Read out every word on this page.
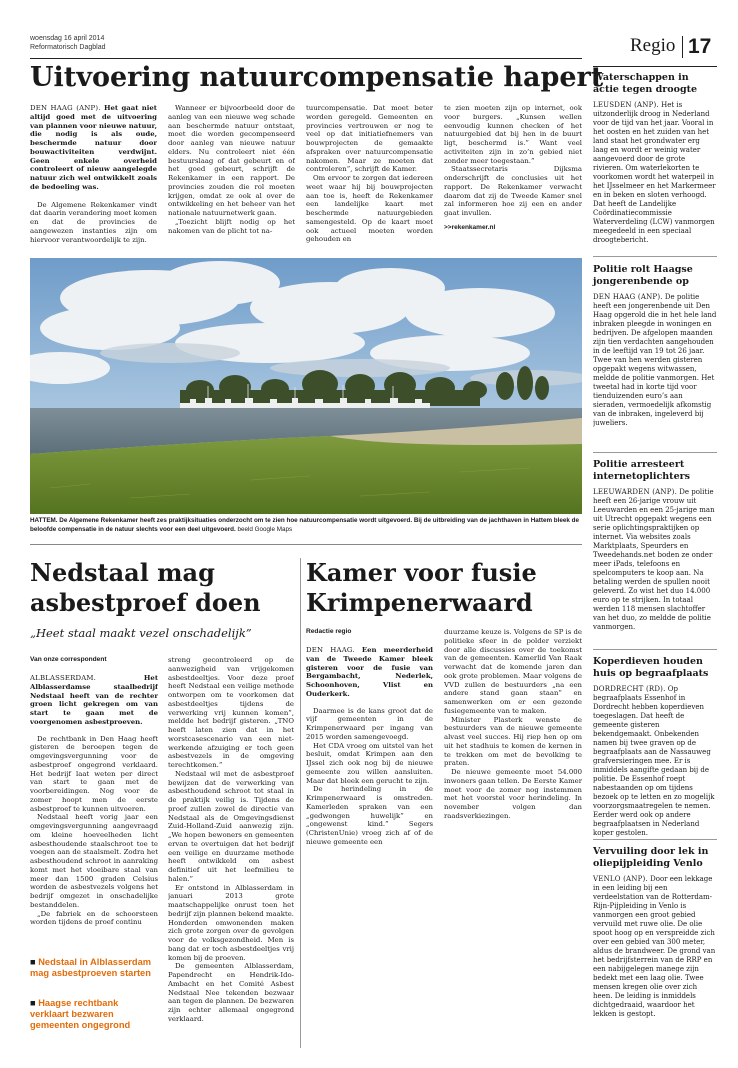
woensdag 16 april 2014
Reformatorisch Dagblad	Regio 17
Uitvoering natuurcompensatie hapert

DEN HAAG (ANP). Het gaat niet altijd goed met de uitvoering van plannen voor nieuwe natuur, die nodig is als oude, beschermde natuur door bouwactiviteiten verdwijnt. Geen enkele overheid controleert of nieuw aangelegde natuur zich wel ontwikkelt zoals de bedoeling was.

De Algemene Rekenkamer vindt dat daarin verandering moet komen en dat de provincies de aangewezen instanties zijn om hiervoor verantwoordelijk te zijn.

Wanneer er bijvoorbeeld door de aanleg van een nieuwe weg schade aan beschermde natuur ontstaat, moet die worden gecompenseerd door aanleg van nieuwe natuur elders. Nu controleert niet één bestuurslaag of dat gebeurt en of het goed gebeurt, schrijft de Rekenkamer in een rapport. De provincies zouden die rol moeten krijgen, omdat ze ook al over de ontwikkeling en het beheer van het nationale natuurnetwerk gaan.

„Toezicht blijft nodig op het nakomen van de plicht tot na-

tuurcompensatie. Dat moet beter worden geregeld. Gemeenten en provincies vertrouwen er nog te veel op dat initiatiefnemers van bouwprojecten de gemaakte afspraken over natuurcompensatie nakomen. Maar ze moeten dat controleren”, schrijft de Kamer.

Om ervoor te zorgen dat iedereen weet waar hij bij bouwprojecten aan toe is, heeft de Rekenkamer een landelijke kaart met beschermde natuurgebieden samengesteld. Op de kaart moet ook actueel moeten worden gehouden en

te zien moeten zijn op internet, ook voor burgers. „Kunsen wellen eenvoudig kunnen checken of het natuurgebied dat bij hen in de buurt ligt, beschermd is.” Want veel activiteiten zijn in zo’n gebied niet zonder meer toegestaan.”

Staatssecretaris Dijksma onderschrijft de conclusies uit het rapport. De Rekenkamer verwacht daarom dat zij de Tweede Kamer snel zal informeren hoe zij een en ander gaat invullen.

>>rekenkamer.nl
HATTEM. De Algemene Rekenkamer heeft zes praktijksituaties onderzocht om te zien hoe natuurcompensatie wordt uitgevoerd. Bij de uitbreiding van de jachthaven in Hattem bleek de beloofde compensatie in de natuur slechts voor een deel uitgevoerd. beeld Google Maps
Nedstaal mag
asbestproef doen
„Heet staal maakt vezel onschadelijk”
Van onze correspondent

ALBLASSERDAM.	Het Alblasserdamse staalbedrijf Nedstaal heeft van de rechter groen licht gekregen om van start te gaan met de voorgenomen asbestproeven.

De rechtbank in Den Haag heeft gisteren de beroepen tegen de omgevingsvergunning voor de asbestproef ongegrond verklaard. Het bedrijf laat weten per direct van start te gaan met de voorbereidingen. Nog voor de zomer hoopt men de eerste asbestproef te kunnen uitvoeren.

Nedstaal heeft vorig jaar een omgevingsvergunning aangevraagd om kleine hoeveelheden licht asbesthoudende staalschroot toe te voegen aan de staalsmelt. Zodra het asbesthoudend schroot in aanraking komt met het vloeibare staal van meer dan 1500 graden Celsius worden de asbestvezels volgens het bedrijf omgezet in onschadelijke bestanddelen.

„De fabriek en de schoorsteen worden tijdens de proef continu

streng gecontroleerd op de aanwezigheid van vrijgekomen asbestdeeltjes. Voor deze proef heeft Nedstaal een veilige methode ontworpen om te voorkomen dat asbestdeeltjes tijdens de verwerking vrij kunnen komen”, meldde het bedrijf gisteren. „TNO heeft laten zien dat in het worstcasescenario van een niet-werkende afzuiging er toch geen asbestvezels in de omgeving terechtkomen.”

Nedstaal wil met de asbestproef bewijzen dat de verwerking van asbesthoudend schroot tot staal in de praktijk veilig is. Tijdens de proef zullen zowel de directie van Nedstaal als de Omgevingsdienst Zuid-Holland-Zuid aanwezig zijn. „We hopen bewoners en gemeenten ervan te overtuigen dat het bedrijf een veilige en duurzame methode heeft ontwikkeld om asbest definitief uit het leefmilieu te halen.”

Er ontstond in Alblasserdam in januari 2013 grote maatschappelijke onrust toen het bedrijf zijn plannen bekend maakte. Honderden omwonenden maken zich grote zorgen over de gevolgen voor de volksgezondheid. Men is bang dat er toch asbestdeeltjes vrij komen bij de proeven.

De gemeenten Alblasserdam, Papendrecht en Hendrik-Ido-Ambacht en het Comité Asbest Nedstaal Nee tekenden bezwaar aan tegen de plannen. De bezwaren zijn echter allemaal ongegrond verklaard.

■ Nedstaal in Alblasserdam mag asbestproeven starten
■ Haagse rechtbank verklaart bezwaren gemeenten ongegrond
Kamer voor fusie
Krimpenerwaard
Redactie regio

DEN HAAG. Een meerderheid van de Tweede Kamer bleek gisteren voor de fusie van Bergambacht, Nederlek, Schoonhoven, Vlist en Ouderkerk.

Daarmee is de kans groot dat de vijf gemeenten in de Krimpenerwaard per ingang van 2015 worden samengevoegd.

Het CDA vroeg om uitstel van het besluit, omdat Krimpen aan den IJssel zich ook nog bij de nieuwe gemeente zou willen aansluiten. Maar dat bleek een gerucht te zijn.

De herindeling in de Krimpenerwaard is omstreden. Kamerleden spraken van een „gedwongen huwelijk” en „ongewenst kind.” Segers (ChristenUnie) vroeg zich af of de nieuwe gemeente een

duurzame keuze is. Volgens de SP is de politieke sfeer in de polder verziekt door alle discussies over de toekomst van de gemeenten. Kamerlid Van Raak verwacht dat de komende jaren dan ook grote problemen. Maar volgens de VVD zullen de bestuurders „na een andere stand gaan staan” en samenwerken om er een gezonde fusiegemeente van te maken.

Minister Plasterk wenste de bestuurders van de nieuwe gemeente alvast veel succes. Hij riep hen op om uit het stadhuis te komen de kernen in te trekken om met de bevolking te praten.

De nieuwe gemeente moet 54.000 inwoners gaan tellen. De Eerste Kamer moet voor de zomer nog instemmen met het voorstel voor herindeling. In november volgen dan raadsverkiezingen.

Waterschappen in actie tegen droogte
LEUSDEN (ANP). Het is uitzonderlijk droog in Nederland voor de tijd van het jaar. Vooral in het oosten en het zuiden van het land staat het grondwater erg laag en wordt er weinig water aangevoerd door de grote rivieren. Om waterlekorten te voorkomen wordt het waterpeil in het IJsselmeer en het Markermeer en in beken en sloten verhoogd. Dat heeft de Landelijke Coördinatiecommissie Waterverdeling (LCW) vanmorgen meegedeeld in een speciaal droogtebericht.
Politie rolt Haagse jongerenbende op
DEN HAAG (ANP). De politie heeft een jongerenbende uit Den Haag opgerold die in het hele land inbraken pleegde in woningen en bedrijven. De afgelopen maanden zijn tien verdachten aangehouden in de leeftijd van 19 tot 26 jaar. Twee van hen werden gisteren opgepakt wegens witwassen, meldde de politie vanmorgen. Het tweetal had in korte tijd voor tienduizenden euro’s aan sieraden, vermoedelijk afkomstig van de inbraken, ingeleverd bij juweliers.
Politie arresteert internetoplichters
LEEUWARDEN (ANP). De politie heeft een 26-jarige vrouw uit Leeuwarden en een 25-jarige man uit Utrecht opgepakt wegens een serie oplichtingspraktijken op internet. Via websites zoals Marktplaats, Speurders en Tweedehands.net boden ze onder meer iPads, telefoons en spelcomputers te koop aan. Na betaling werden de spullen nooit geleverd. Zo wist het duo 14.000 euro op te strijken. In totaal werden 118 mensen slachtoffer van het duo, zo meldde de politie vanmorgen.
Koperdieven houden huis op begraafplaats
DORDRECHT (RD). Op begraafplaats Essenhof in Dordrecht hebben koperdieven toegeslagen. Dat heeft de gemeente gisteren bekendgemaakt. Onbekenden namen bij twee graven op de begraafplaats aan de Nassauweg grafversieringen mee. Er is inmiddels aangifte gedaan bij de politie. De Essenhof roept nabestaanden op om tijdens bezoek op te letten en zo mogelijk voorzorgsmaatregelen te nemen. Eerder werd ook op andere begraafplaatsen in Nederland koper gestolen.
Vervuiling door lek in oliepijpleiding Venlo
VENLO (ANP). Door een lekkage in een leiding bij een verdeelstation van de Rotterdam-Rijn-Pijpleiding in Venlo is vanmorgen een groot gebied vervuild met ruwe olie. De olie spoot hoog op en verspreidde zich over een gebied van 300 meter, aldus de brandweer. De grond van het bedrijfsterrein van de RRP en een nabijgelegen manege zijn bedekt met een laag olie. Twee mensen kregen olie over zich heen. De leiding is inmiddels dichtgedraaid, waardoor het lekken is gestopt.
